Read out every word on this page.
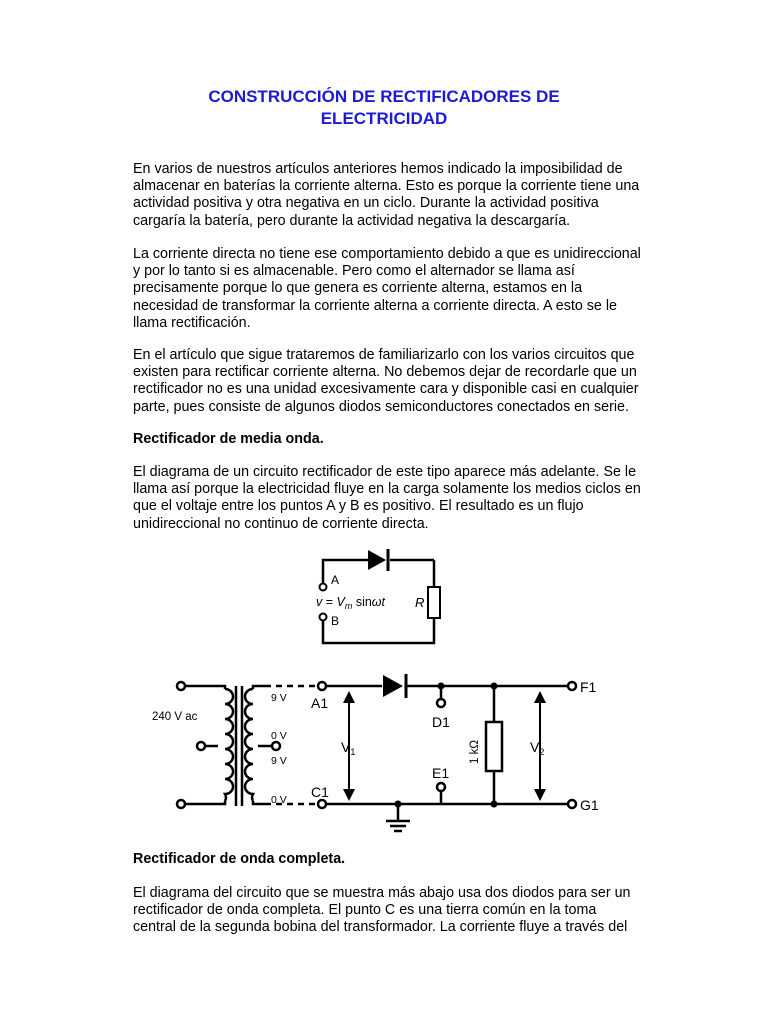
CONSTRUCCIÓN DE RECTIFICADORES DE ELECTRICIDAD

En varios de nuestros artículos anteriores hemos indicado la imposibilidad de almacenar en baterías la corriente alterna. Esto es porque la corriente tiene una actividad positiva y otra negativa en un ciclo. Durante la actividad positiva cargaría la batería, pero durante la actividad negativa la descargaría.

La corriente directa no tiene ese comportamiento debido a que es unidireccional y por lo tanto si es almacenable. Pero como el alternador se llama así precisamente porque lo que genera es corriente alterna, estamos en la necesidad de transformar la corriente alterna a corriente directa. A esto se le llama rectificación.

En el artículo que sigue trataremos de familiarizarlo con los varios circuitos que existen para rectificar corriente alterna. No debemos dejar de recordarle que un rectificador no es una unidad excesivamente cara y disponible casi en cualquier parte, pues consiste de algunos diodos semiconductores conectados en serie.

Rectificador de media onda.

El diagrama de un circuito rectificador de este tipo aparece más adelante. Se le llama así porque la electricidad fluye en la carga solamente los medios ciclos en que el voltaje entre los puntos A y B es positivo. El resultado es un flujo unidireccional no continuo de corriente directa.

Rectificador de onda completa.

El diagrama del circuito que se muestra más abajo usa dos diodos para ser un rectificador de onda completa. El punto C es una tierra común en la toma central de la segunda bobina del transformador. La corriente fluye a través del

A
B
R
$v = V_m$ sinωt
240 V ac
9 V
0 V
9 V
0 V
A1
C1
$V_1$
D1
E1
1 kΩ	$V_2$
F1
G1
